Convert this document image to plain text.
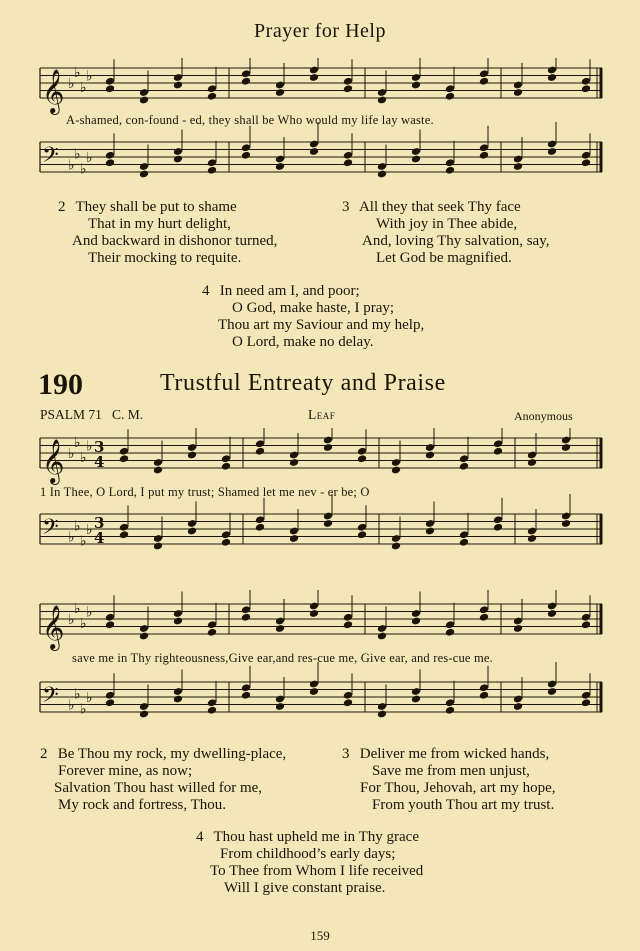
Prayer for Help
𝄞 ♭
♭
♭
♭
𝄢 ♭
♭
♭
♭
A-shamed, con-found - ed, they shall be Who would my life lay waste.
2 They shall be put to shame
That in my hurt delight,
And backward in dishonor turned,
Their mocking to requite.
3 All they that seek Thy face
With joy in Thee abide,
And, loving Thy salvation, say,
Let God be magnified.
4 In need am I, and poor;
O God, make haste, I pray;
Thou art my Saviour and my help,
O Lord, make no delay.
190	Trustful Entreaty and Praise
PSALM 71 C. M.	Leaf	Anonymous
𝄞 ♭
♭
♭
♭ 3
4
𝄢 ♭
♭
♭
♭ 3
4
1 In Thee, O Lord, I put my trust; Shamed let me nev - er be; O
𝄞 ♭
♭
♭
♭
𝄢 ♭
♭
♭
♭
save me in Thy righteousness,Give ear,and res-cue me, Give ear, and res-cue me.
2 Be Thou my rock, my dwelling-place,
Forever mine, as now;
Salvation Thou hast willed for me,
My rock and fortress, Thou.
3 Deliver me from wicked hands,
Save me from men unjust,
For Thou, Jehovah, art my hope,
From youth Thou art my trust.
4 Thou hast upheld me in Thy grace
From childhood’s early days;
To Thee from Whom I life received
Will I give constant praise.
159
